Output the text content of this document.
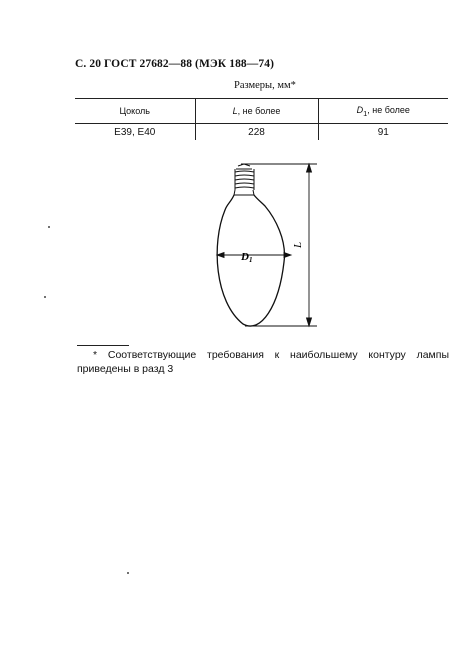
С. 20 ГОСТ 27682—88 (МЭК 188—74)
Размеры, мм*
Цоколь	L, не более	$D_1$, не более
E39, E40	228	91
D1
L
* Соответствующие требования к наибольшему контуру лампы приведены в разд 3
